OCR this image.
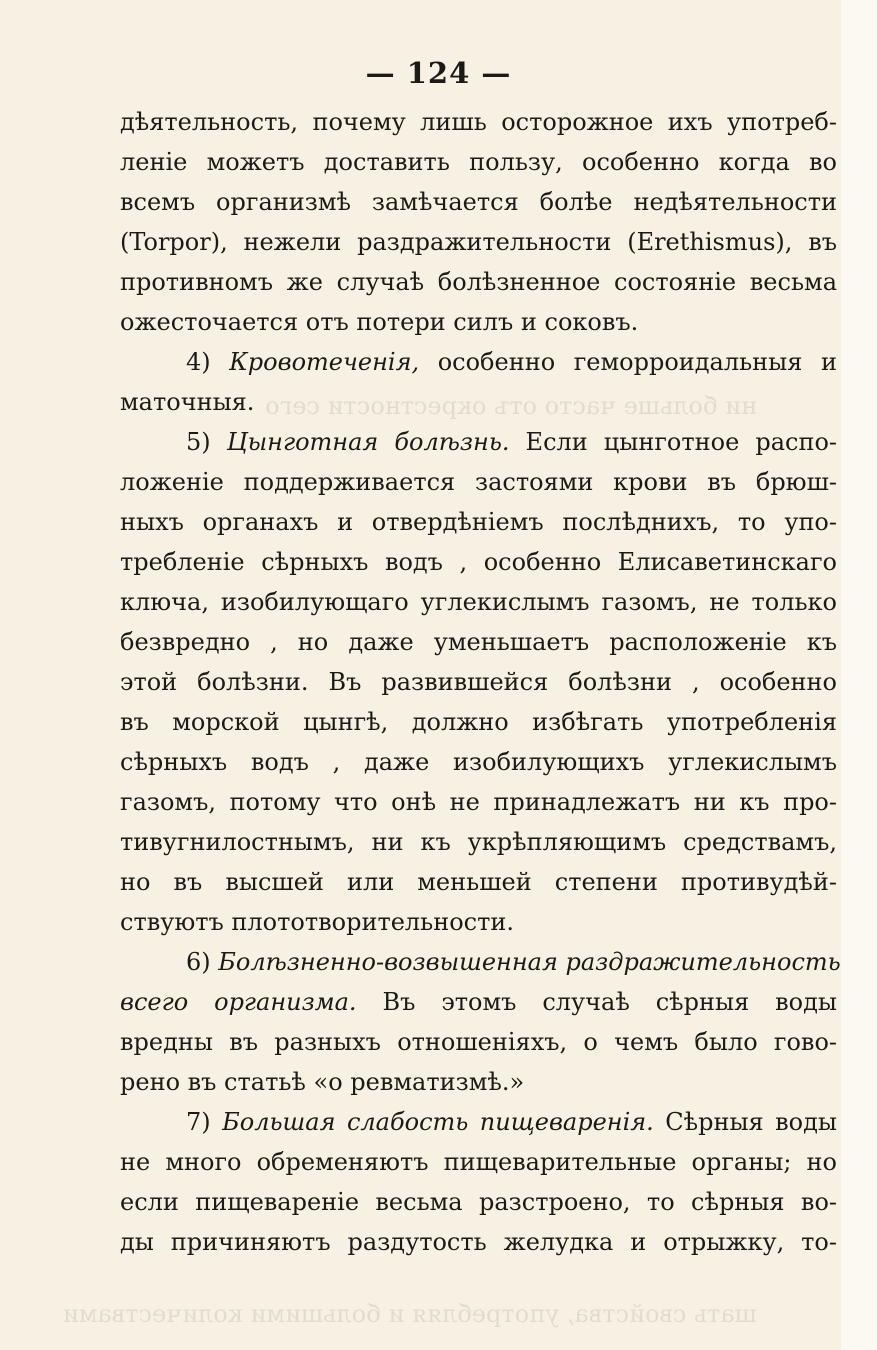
ни больше часто отъ окрестности сего
шать свойства, употребляя и большими количествами
— 124 —
дѣятельность, почему лишь осторожное ихъ употреб-
леніе можетъ доставить пользу, особенно когда во
всемъ организмѣ замѣчается болѣе недѣятельности
(Torpor), нежели раздражительности (Erethismus), въ
противномъ же случаѣ болѣзненное состояніе весьма
ожесточается отъ потери силъ и соковъ.
4) Кровотеченія, особенно геморроидальныя и
маточныя.
5) Цынготная болѣзнь. Если цынготное распо-
ложеніе поддерживается застоями крови въ брюш-
ныхъ органахъ и отвердѣніемъ послѣднихъ, то упо-
требленіе сѣрныхъ водъ , особенно Елисаветинскаго
ключа, изобилующаго углекислымъ газомъ, не только
безвредно , но даже уменьшаетъ расположеніе къ
этой болѣзни. Въ развившейся болѣзни , особенно
въ морской цынгѣ, должно избѣгать употребленія
сѣрныхъ водъ , даже изобилующихъ углекислымъ
газомъ, потому что онѣ не принадлежатъ ни къ про-
тивугнилостнымъ, ни къ укрѣпляющимъ средствамъ,
но въ высшей или меньшей степени противудѣй-
ствуютъ плототворительности.
6) Болѣзненно-возвышенная раздражительность
всего организма. Въ этомъ случаѣ сѣрныя воды
вредны въ разныхъ отношеніяхъ, о чемъ было гово-
рено въ статьѣ «о ревматизмѣ.»
7) Большая слабость пищеваренія. Сѣрныя воды
не много обременяютъ пищеварительные органы; но
если пищевареніе весьма разстроено, то сѣрныя во-
ды причиняютъ раздутость желудка и отрыжку, то-
